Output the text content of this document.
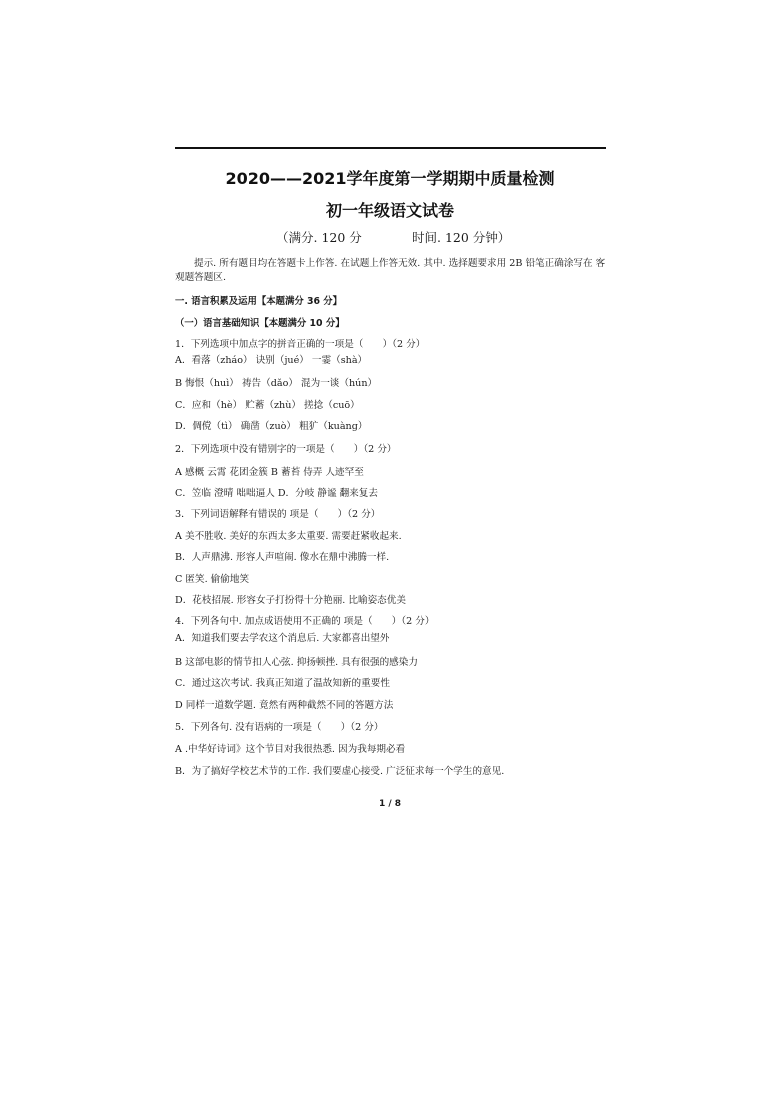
2020——2021学年度第一学期期中质量检测
初一年级语文试卷
（满分. 120 分	时间. 120 分钟）
提示. 所有题目均在答题卡上作答. 在试题上作答无效. 其中. 选择题要求用 2B 铅笔正确涂写在 客观题答题区.
一. 语言积累及运用【本题满分 36 分】
（一）语言基础知识【本题满分 10 分】
1．下列选项中加点字的拼音正确的一项是（　　）（2 分）
A．看落（zháo） 诀别（jué） 一霎（shà）
B 悔恨（huì） 祷告（dǎo） 混为一谈（hún）
C．应和（hè） 贮蓄（zhù） 搓捻（cuō）
D．倜傥（tì） 确凿（zuò） 粗犷（kuàng）
2．下列选项中没有错别字的一项是（　　）（2 分）
A 感概 云霄 花团金簇 B 蓄苔 侍弄 人迹罕至
C．笠临 澄晴 咄咄逼人 D．分岐 静谧 翻来复去
3．下列词语解释有错误的 项是（　　）（2 分）
A 美不胜收. 美好的东西太多太重要. 需要赶紧收起来.
B．人声鼎沸. 形容人声喧闹. 像水在鼎中沸腾一样.
C 匿笑. 偷偷地笑
D．花枝招展. 形容女子打扮得十分艳丽. 比喻姿态优美
4．下列各句中. 加点成语使用不正确的 项是（　　）（2 分）
A．知道我们要去学农这个消息后. 大家都喜出望外
B 这部电影的情节扣人心弦. 抑扬顿挫. 具有很强的感染力
C．通过这次考试. 我真正知道了温故知新的重要性
D 同样一道数学题. 竟然有两种截然不同的答题方法
5．下列各句. 没有语病的一项是（　　）（2 分）
A .中华好诗词》这个节目对我很热悉. 因为我每期必看
B．为了搞好学校艺术节的工作. 我们要虚心接受. 广泛征求每一个学生的意见.
1 / 8
